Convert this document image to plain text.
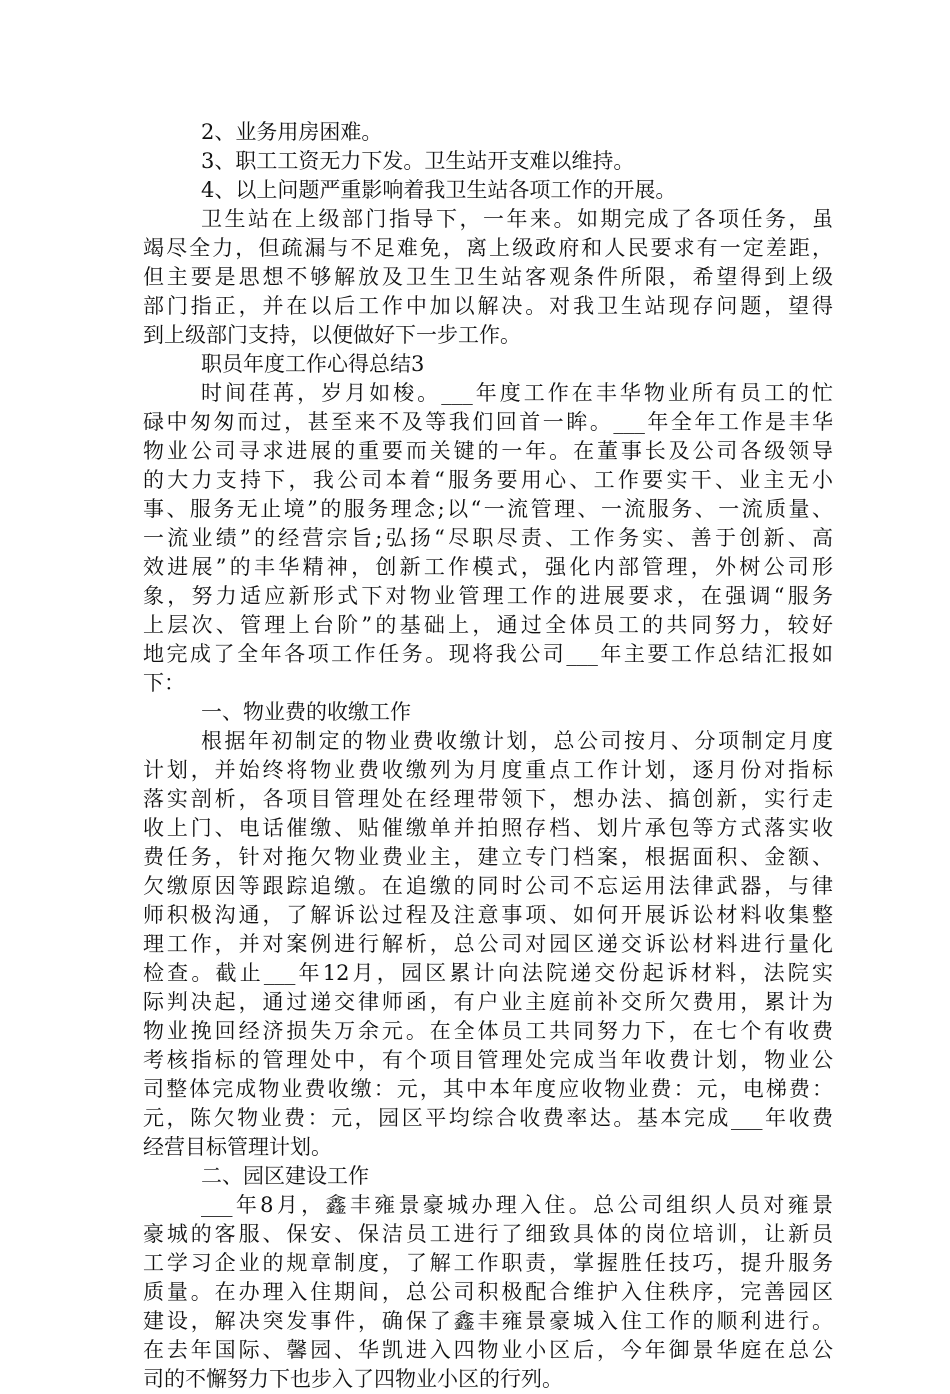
2、业务用房困难。
3、职工工资无力下发。卫生站开支难以维持。
4、以上问题严重影响着我卫生站各项工作的开展。
卫生站在上级部门指导下，一年来。如期完成了各项任务，虽
竭尽全力，但疏漏与不足难免，离上级政府和人民要求有一定差距，
但主要是思想不够解放及卫生卫生站客观条件所限，希望得到上级
部门指正，并在以后工作中加以解决。对我卫生站现存问题，望得
到上级部门支持，以便做好下一步工作。
职员年度工作心得总结3
时间荏苒，岁月如梭。___年度工作在丰华物业所有员工的忙
碌中匆匆而过，甚至来不及等我们回首一眸。___年全年工作是丰华
物业公司寻求进展的重要而关键的一年。在董事长及公司各级领导
的大力支持下，我公司本着“服务要用心、工作要实干、业主无小
事、服务无止境”的服务理念;以“一流管理、一流服务、一流质量、
一流业绩”的经营宗旨;弘扬“尽职尽责、工作务实、善于创新、高
效进展”的丰华精神，创新工作模式，强化内部管理，外树公司形
象，努力适应新形式下对物业管理工作的进展要求，在强调“服务
上层次、管理上台阶”的基础上，通过全体员工的共同努力，较好
地完成了全年各项工作任务。现将我公司___年主要工作总结汇报如
下：
一、物业费的收缴工作
根据年初制定的物业费收缴计划，总公司按月、分项制定月度
计划，并始终将物业费收缴列为月度重点工作计划，逐月份对指标
落实剖析，各项目管理处在经理带领下，想办法、搞创新，实行走
收上门、电话催缴、贴催缴单并拍照存档、划片承包等方式落实收
费任务，针对拖欠物业费业主，建立专门档案，根据面积、金额、
欠缴原因等跟踪追缴。在追缴的同时公司不忘运用法律武器，与律
师积极沟通，了解诉讼过程及注意事项、如何开展诉讼材料收集整
理工作，并对案例进行解析，总公司对园区递交诉讼材料进行量化
检查。截止___年12月，园区累计向法院递交份起诉材料，法院实
际判决起，通过递交律师函，有户业主庭前补交所欠费用，累计为
物业挽回经济损失万余元。在全体员工共同努力下，在七个有收费
考核指标的管理处中，有个项目管理处完成当年收费计划，物业公
司整体完成物业费收缴：元，其中本年度应收物业费：元，电梯费：
元，陈欠物业费：元，园区平均综合收费率达。基本完成___年收费
经营目标管理计划。
二、园区建设工作
___年8月，鑫丰雍景豪城办理入住。总公司组织人员对雍景
豪城的客服、保安、保洁员工进行了细致具体的岗位培训，让新员
工学习企业的规章制度，了解工作职责，掌握胜任技巧，提升服务
质量。在办理入住期间，总公司积极配合维护入住秩序，完善园区
建设，解决突发事件，确保了鑫丰雍景豪城入住工作的顺利进行。
在去年国际、馨园、华凯进入四物业小区后，今年御景华庭在总公
司的不懈努力下也步入了四物业小区的行列。
